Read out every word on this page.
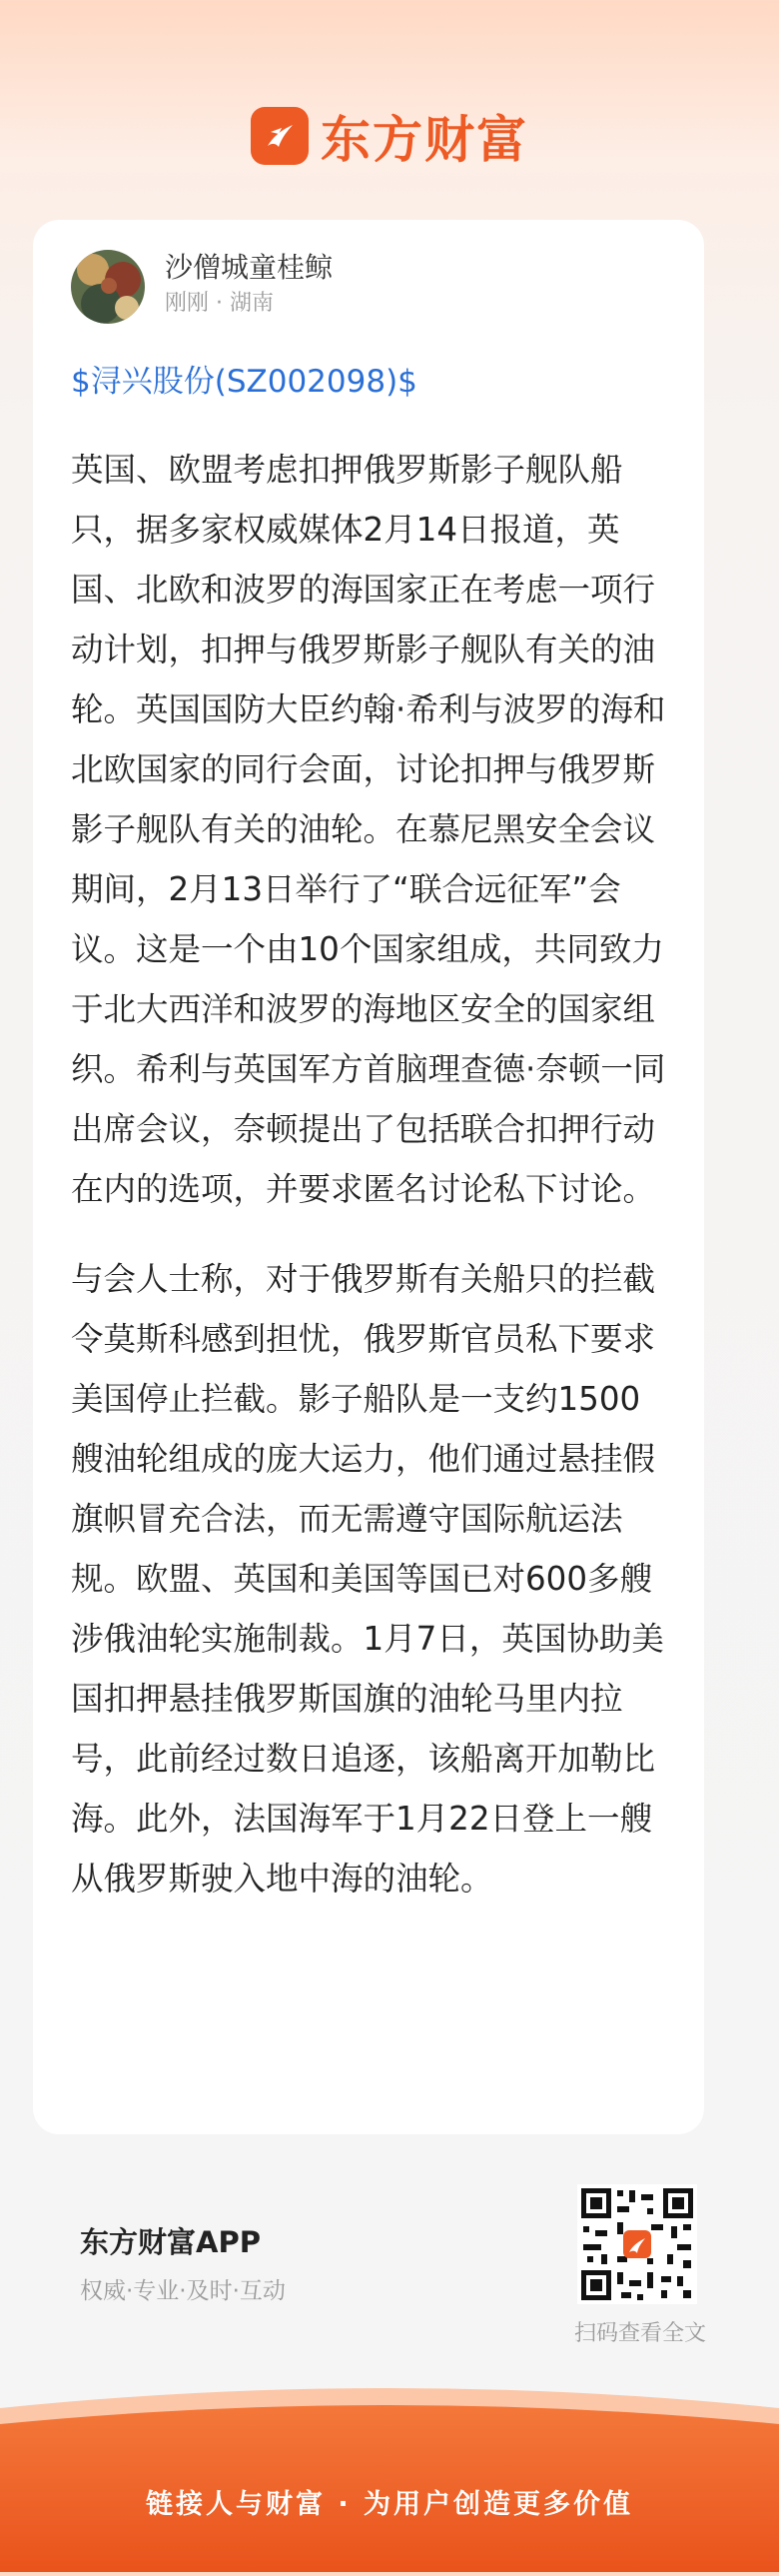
东方财富
沙僧城童桂鲸
刚刚 · 湖南
$浔兴股份(SZ002098)$

英国、欧盟考虑扣押俄罗斯影子舰队船只，据多家权威媒体2月14日报道，英国、北欧和波罗的海国家正在考虑一项行动计划，扣押与俄罗斯影子舰队有关的油轮。英国国防大臣约翰·希利与波罗的海和北欧国家的同行会面，讨论扣押与俄罗斯影子舰队有关的油轮。在慕尼黑安全会议期间，2月13日举行了“联合远征军”会议。这是一个由10个国家组成，共同致力于北大西洋和波罗的海地区安全的国家组织。希利与英国军方首脑理查德·奈顿一同出席会议，奈顿提出了包括联合扣押行动在内的选项，并要求匿名讨论私下讨论。

与会人士称，对于俄罗斯有关船只的拦截令莫斯科感到担忧，俄罗斯官员私下要求美国停止拦截。影子船队是一支约1500艘油轮组成的庞大运力，他们通过悬挂假旗帜冒充合法，而无需遵守国际航运法规。欧盟、英国和美国等国已对600多艘涉俄油轮实施制裁。1月7日，英国协助美国扣押悬挂俄罗斯国旗的油轮马里内拉号，此前经过数日追逐，该船离开加勒比海。此外，法国海军于1月22日登上一艘从俄罗斯驶入地中海的油轮。

东方财富APP
权威·专业·及时·互动
扫码查看全文
链接人与财富 · 为用户创造更多价值
